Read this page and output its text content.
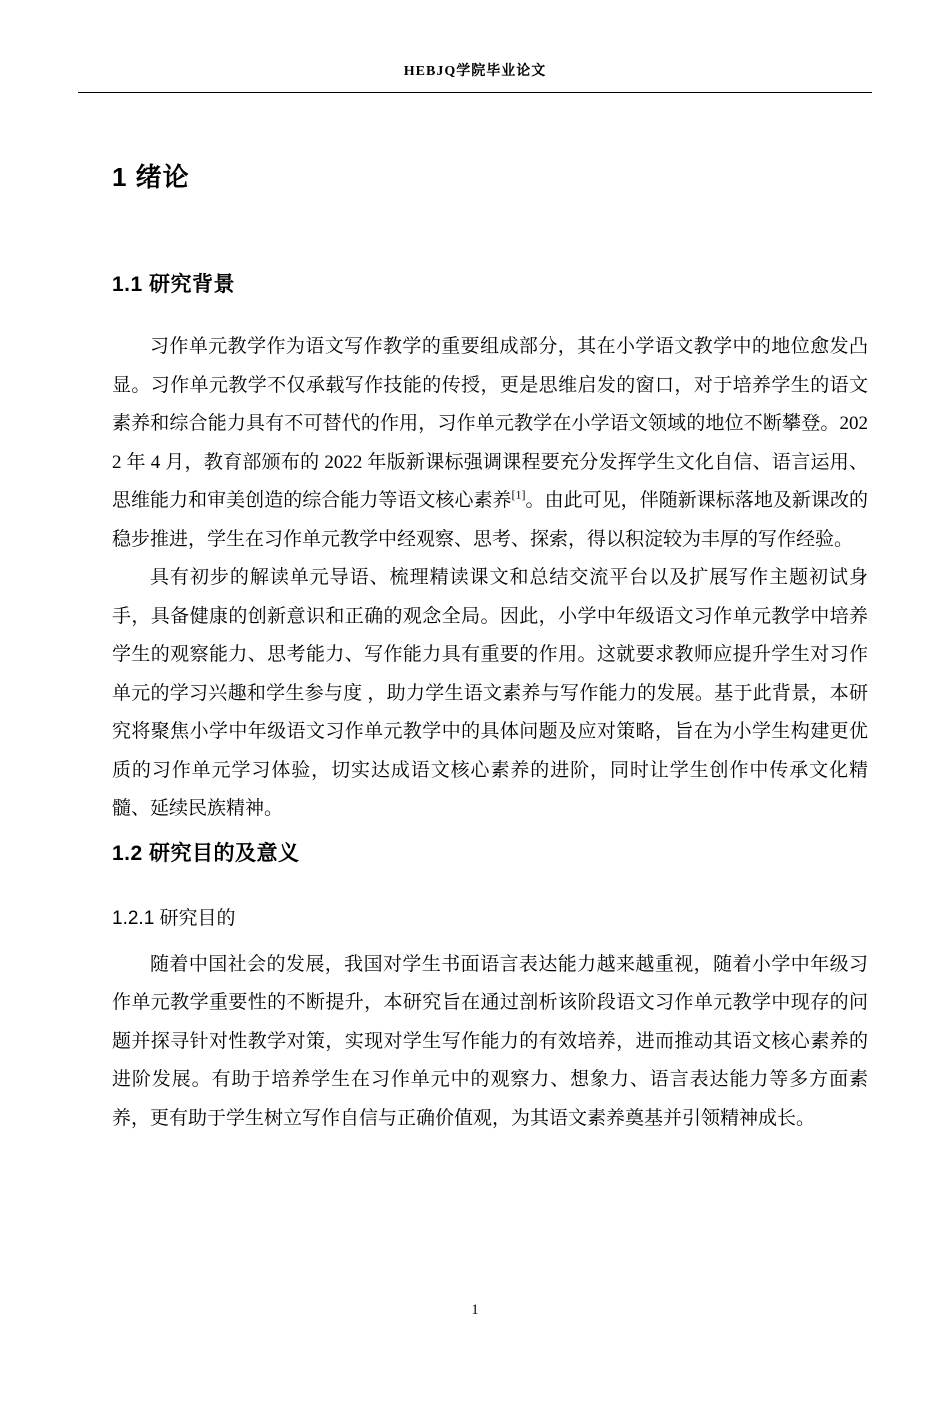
HEBJQ学院毕业论文
1 绪论
1.1 研究背景

习作单元教学作为语文写作教学的重要组成部分，其在小学语文教学中的地位愈发凸显。习作单元教学不仅承载写作技能的传授，更是思维启发的窗口，对于培养学生的语文素养和综合能力具有不可替代的作用，习作单元教学在小学语文领域的地位不断攀登。2022 年 4 月，教育部颁布的 2022 年版新课标强调课程要充分发挥学生文化自信、语言运用、思维能力和审美创造的综合能力等语文核心素养[1]。由此可见，伴随新课标落地及新课改的稳步推进，学生在习作单元教学中经观察、思考、探索，得以积淀较为丰厚的写作经验。

具有初步的解读单元导语、梳理精读课文和总结交流平台以及扩展写作主题初试身手，具备健康的创新意识和正确的观念全局。因此，小学中年级语文习作单元教学中培养学生的观察能力、思考能力、写作能力具有重要的作用。这就要求教师应提升学生对习作单元的学习兴趣和学生参与度 ，助力学生语文素养与写作能力的发展。基于此背景，本研究将聚焦小学中年级语文习作单元教学中的具体问题及应对策略，旨在为小学生构建更优质的习作单元学习体验，切实达成语文核心素养的进阶，同时让学生创作中传承文化精髓、延续民族精神。

1.2 研究目的及意义
1.2.1 研究目的

随着中国社会的发展，我国对学生书面语言表达能力越来越重视，随着小学中年级习作单元教学重要性的不断提升，本研究旨在通过剖析该阶段语文习作单元教学中现存的问题并探寻针对性教学对策，实现对学生写作能力的有效培养，进而推动其语文核心素养的进阶发展。有助于培养学生在习作单元中的观察力、想象力、语言表达能力等多方面素养，更有助于学生树立写作自信与正确价值观，为其语文素养奠基并引领精神成长。

1
